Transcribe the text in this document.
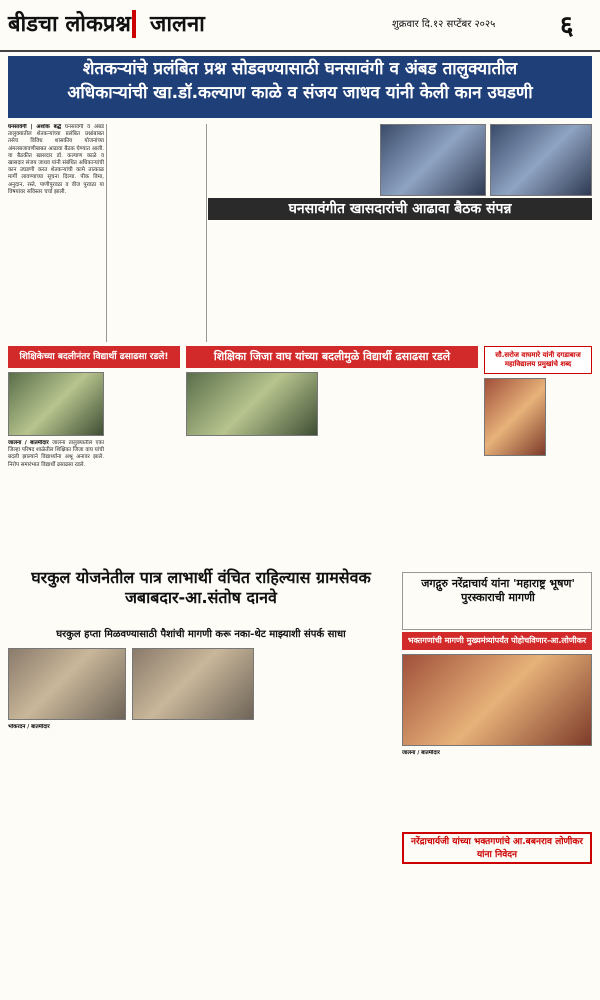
बीडचा लोकप्रश्न जालना	शुक्रवार दि.१२ सप्टेंबर २०२५ ६
शेतकऱ्यांचे प्रलंबित प्रश्न सोडवण्यासाठी घनसावंगी व अंबड तालुक्यातील
अधिकाऱ्यांची खा.डॉ.कल्याण काळे व संजय जाधव यांनी केली कान उघडणी
घनसावंगी | अशोक बद्धे घनसावंगी व अंबड तालुक्यातील शेतकऱ्यांच्या प्रलंबित प्रश्नांबाबत तसेच विविध शासकीय योजनांच्या अंमलबजावणीबाबत आढावा बैठक घेण्यात आली. या बैठकीत खासदार डॉ. कल्याण काळे व खासदार संजय जाधव यांनी संबंधित अधिकाऱ्यांची कान उघडणी करत शेतकऱ्यांची कामे तात्काळ मार्गी लावण्याच्या सूचना दिल्या. पीक विमा, अनुदान, रस्ते, पाणीपुरवठा व वीज पुरवठा या विषयांवर सविस्तर चर्चा झाली.
घनसावंगीत खासदारांची आढावा बैठक संपन्न
शिक्षिकेच्या बदलीनंतर विद्यार्थी ढसाढसा रडले!	शिक्षिका जिजा वाघ यांच्या बदलीमुळे विद्यार्थी ढसाढसा रडले	सौ.सरोज वाघमारे यांनी दगडाबाज महाविद्यालय प्रमुखांचे शब्द
जालना / बातमीदार जालना तालुक्यातील एका जिल्हा परिषद शाळेतील शिक्षिका जिजा वाघ यांची बदली झाल्याने विद्यार्थ्यांना अश्रू अनावर झाले. निरोप समारंभात विद्यार्थी ढसाढसा रडले.
घरकुल योजनेतील पात्र लाभार्थी वंचित राहिल्यास ग्रामसेवक जबाबदार-आ.संतोष दानवे
घरकुल हप्ता मिळवण्यासाठी पैशांची मागणी करू नका-थेट माझ्याशी संपर्क साधा
भोकरदन / बातमीदार
जगद्गुरु नरेंद्राचार्य यांना 'महाराष्ट्र भूषण' पुरस्काराची मागणी
भक्तगणांची मागणी मुख्यमंत्र्यांपर्यंत पोहोचविणार-आ.लोणीकर
जालना / बातमीदार
नरेंद्राचार्यजी यांच्या भक्तगणांचे आ.बबनराव लोणीकर यांना निवेदन
